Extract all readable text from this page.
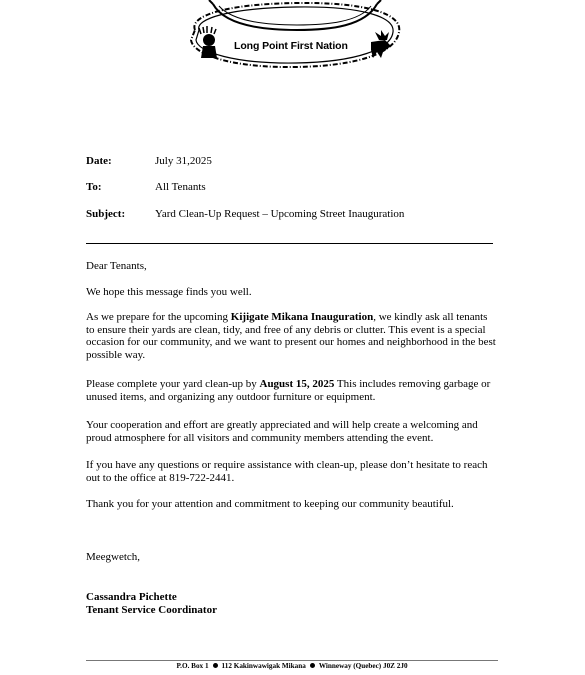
Long Point First Nation
Date:	July 31,2025
To:	All Tenants
Subject:	Yard Clean-Up Request – Upcoming Street Inauguration

Dear Tenants,

We hope this message finds you well.

As we prepare for the upcoming Kijigate Mikana Inauguration, we kindly ask all tenants to ensure their yards are clean, tidy, and free of any debris or clutter. This event is a special occasion for our community, and we want to present our homes and neighborhood in the best possible way.

Please complete your yard clean-up by August 15, 2025 This includes removing garbage or unused items, and organizing any outdoor furniture or equipment.

Your cooperation and effort are greatly appreciated and will help create a welcoming and proud atmosphere for all visitors and community members attending the event.

If you have any questions or require assistance with clean-up, please don’t hesitate to reach out to the office at 819-722-2441.

Thank you for your attention and commitment to keeping our community beautiful.

Meegwetch,

Cassandra Pichette
Tenant Service Coordinator
P.O. Box 1 112 Kakinwawigak Mikana Winneway (Quebec) J0Z 2J0
